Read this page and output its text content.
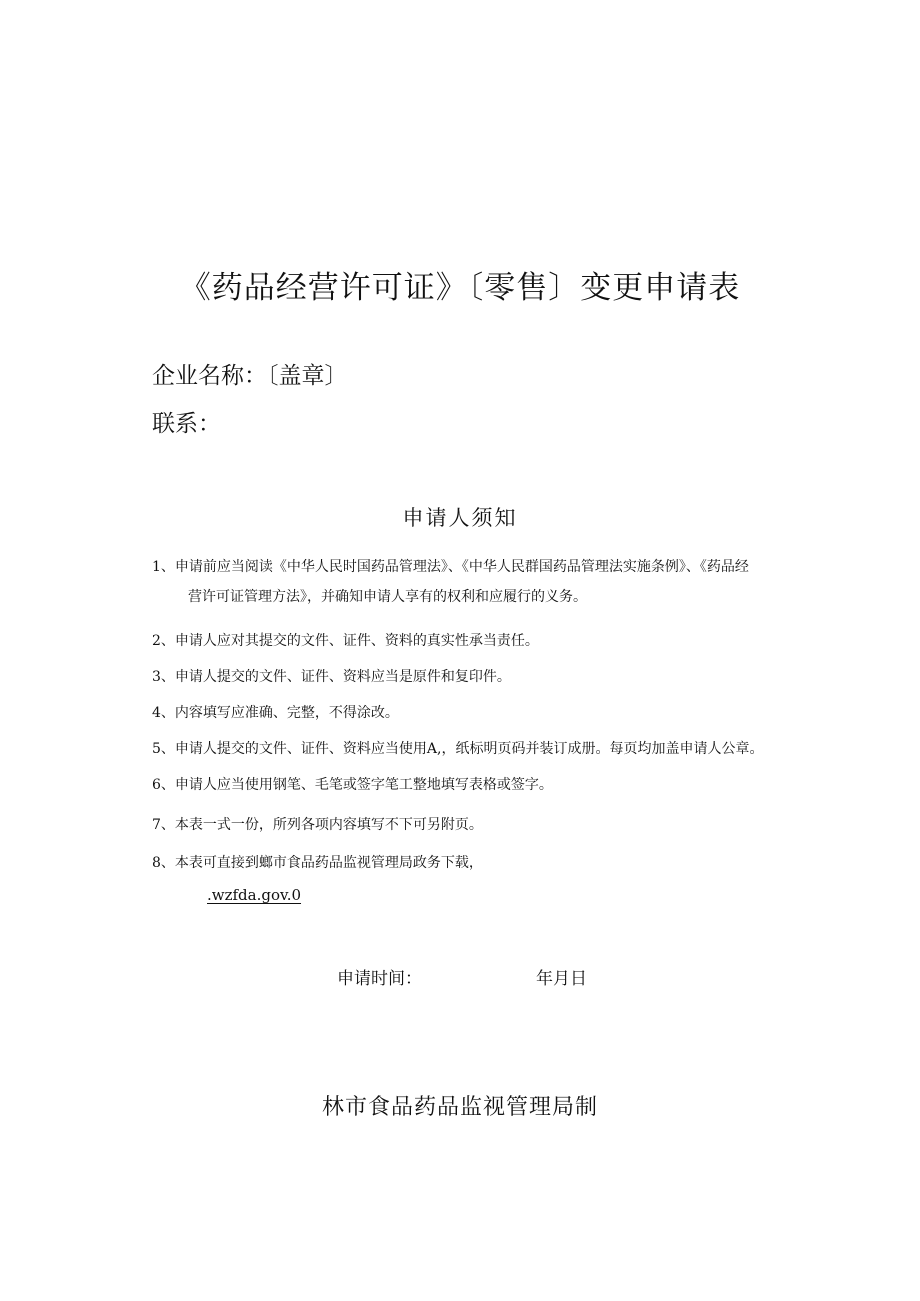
《药品经营许可证》〔零售〕变更申请表
企业名称：〔盖章〕
联系：
申请人须知
1、申请前应当阅读《中华人民时国药品管理法》、《中华人民群国药品管理法实施条例》、《药品经
营许可证管理方法》，并确知申请人享有的权利和应履行的义务。
2、申请人应对其提交的文件、证件、资料的真实性承当责任。
3、申请人提交的文件、证件、资料应当是原件和复印件。
4、内容填写应准确、完整，不得涂改。
5、申请人提交的文件、证件、资料应当使用A,，纸标明页码并装订成册。每页均加盖申请人公章。
6、申请人应当使用钢笔、毛笔或签字笔工整地填写表格或签字。
7、本表一式一份，所列各项内容填写不下可另附页。
8、本表可直接到螂市食品药品监视管理局政务下载，
.wzfda.gov.0
申请时间：	年月日
林市食品药品监视管理局制
